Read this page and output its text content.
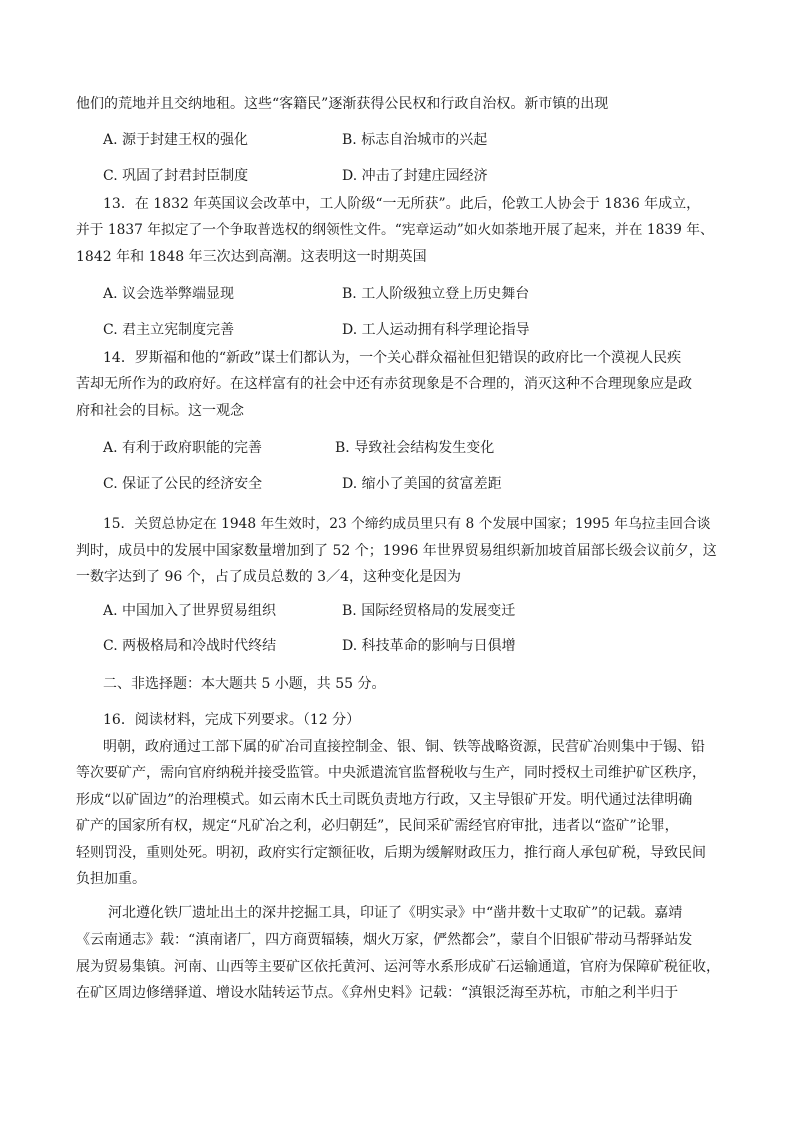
他们的荒地并且交纳地租。这些“客籍民”逐渐获得公民权和行政自治权。新市镇的出现
A. 源于封建王权的强化	B. 标志自治城市的兴起
C. 巩固了封君封臣制度	D. 冲击了封建庄园经济
13．在 1832 年英国议会改革中，工人阶级“一无所获”。此后，伦敦工人协会于 1836 年成立，
并于 1837 年拟定了一个争取普选权的纲领性文件。“宪章运动”如火如荼地开展了起来，并在 1839 年、
1842 年和 1848 年三次达到高潮。这表明这一时期英国
A. 议会选举弊端显现	B. 工人阶级独立登上历史舞台
C. 君主立宪制度完善	D. 工人运动拥有科学理论指导
14．罗斯福和他的“新政”谋士们都认为，一个关心群众福祉但犯错误的政府比一个漠视人民疾
苦却无所作为的政府好。在这样富有的社会中还有赤贫现象是不合理的，消灭这种不合理现象应是政
府和社会的目标。这一观念
A. 有利于政府职能的完善	B. 导致社会结构发生变化
C. 保证了公民的经济安全	D. 缩小了美国的贫富差距
15．关贸总协定在 1948 年生效时，23 个缔约成员里只有 8 个发展中国家；1995 年乌拉圭回合谈
判时，成员中的发展中国家数量增加到了 52 个；1996 年世界贸易组织新加坡首届部长级会议前夕，这
一数字达到了 96 个，占了成员总数的 3／4，这种变化是因为
A. 中国加入了世界贸易组织	B. 国际经贸格局的发展变迁
C. 两极格局和冷战时代终结	D. 科技革命的影响与日俱增
二、非选择题：本大题共 5 小题，共 55 分。
16．阅读材料，完成下列要求。（12 分）
明朝，政府通过工部下属的矿冶司直接控制金、银、铜、铁等战略资源，民营矿冶则集中于锡、铅
等次要矿产，需向官府纳税并接受监管。中央派遣流官监督税收与生产，同时授权土司维护矿区秩序，
形成“以矿固边”的治理模式。如云南木氏土司既负责地方行政，又主导银矿开发。明代通过法律明确
矿产的国家所有权，规定“凡矿冶之利，必归朝廷”，民间采矿需经官府审批，违者以“盗矿”论罪，
轻则罚没，重则处死。明初，政府实行定额征收，后期为缓解财政压力，推行商人承包矿税，导致民间
负担加重。
河北遵化铁厂遗址出土的深井挖掘工具，印证了《明实录》中“凿井数十丈取矿”的记载。嘉靖
《云南通志》载：“滇南诸厂，四方商贾辐辏，烟火万家，俨然都会”，蒙自个旧银矿带动马帮驿站发
展为贸易集镇。河南、山西等主要矿区依托黄河、运河等水系形成矿石运输通道，官府为保障矿税征收，
在矿区周边修缮驿道、增设水陆转运节点。《弇州史料》记载：“滇银泛海至苏杭，市舶之利半归于
